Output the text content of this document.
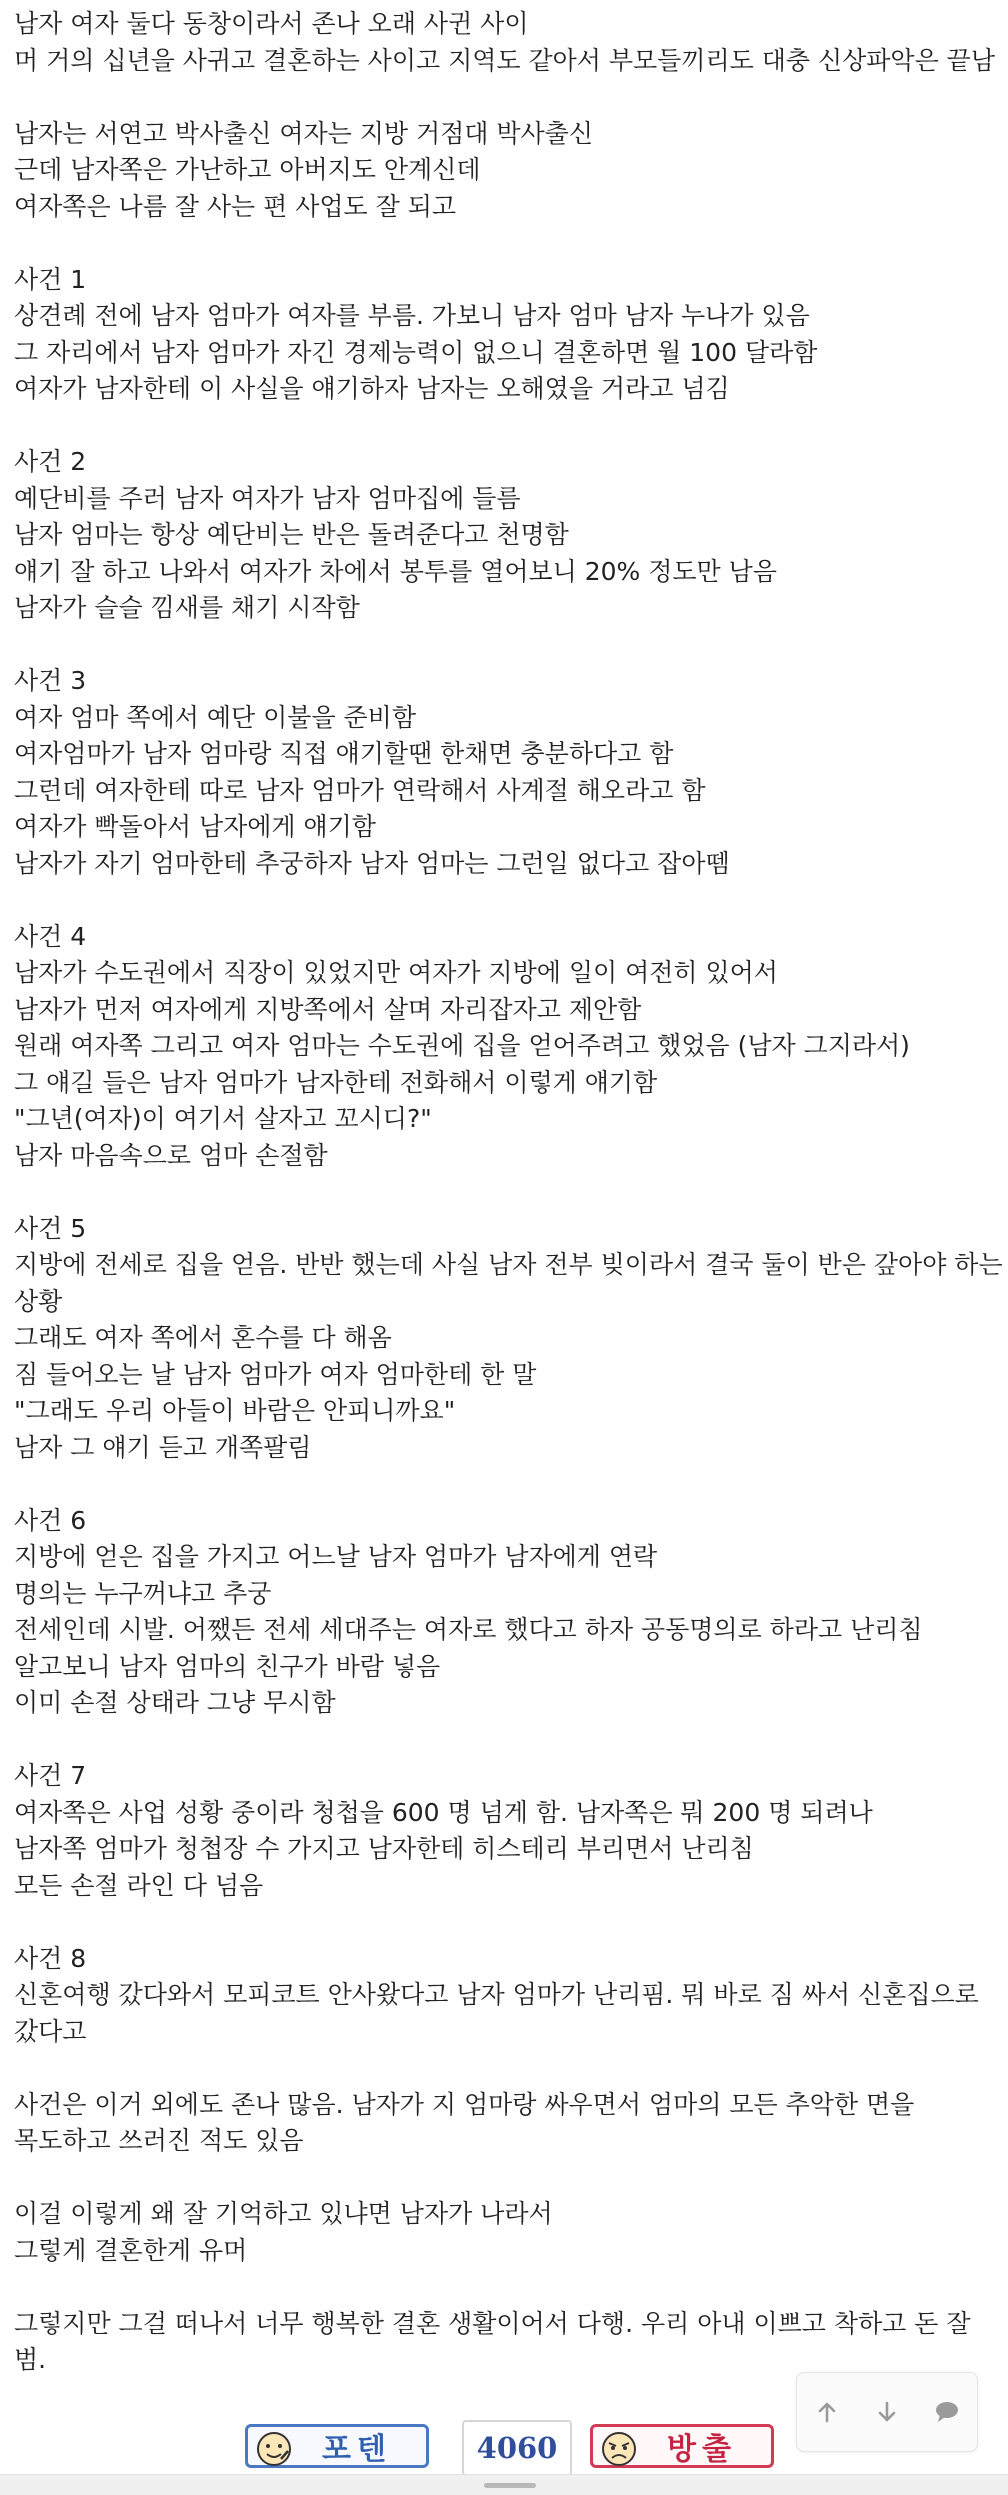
남자 여자 둘다 동창이라서 존나 오래 사귄 사이
머 거의 십년을 사귀고 결혼하는 사이고 지역도 같아서 부모들끼리도 대충 신상파악은 끝남
남자는 서연고 박사출신 여자는 지방 거점대 박사출신
근데 남자쪽은 가난하고 아버지도 안계신데
여자쪽은 나름 잘 사는 편 사업도 잘 되고
사건 1
상견례 전에 남자 엄마가 여자를 부름. 가보니 남자 엄마 남자 누나가 있음
그 자리에서 남자 엄마가 자긴 경제능력이 없으니 결혼하면 월 100 달라함
여자가 남자한테 이 사실을 얘기하자 남자는 오해였을 거라고 넘김
사건 2
예단비를 주러 남자 여자가 남자 엄마집에 들름
남자 엄마는 항상 예단비는 반은 돌려준다고 천명함
얘기 잘 하고 나와서 여자가 차에서 봉투를 열어보니 20% 정도만 남음
남자가 슬슬 낌새를 채기 시작함
사건 3
여자 엄마 쪽에서 예단 이불을 준비함
여자엄마가 남자 엄마랑 직접 얘기할땐 한채면 충분하다고 함
그런데 여자한테 따로 남자 엄마가 연락해서 사계절 해오라고 함
여자가 빡돌아서 남자에게 얘기함
남자가 자기 엄마한테 추궁하자 남자 엄마는 그런일 없다고 잡아뗌
사건 4
남자가 수도권에서 직장이 있었지만 여자가 지방에 일이 여전히 있어서
남자가 먼저 여자에게 지방쪽에서 살며 자리잡자고 제안함
원래 여자쪽 그리고 여자 엄마는 수도권에 집을 얻어주려고 했었음 (남자 그지라서)
그 얘길 들은 남자 엄마가 남자한테 전화해서 이렇게 얘기함
"그년(여자)이 여기서 살자고 꼬시디?"
남자 마음속으로 엄마 손절함
사건 5
지방에 전세로 집을 얻음. 반반 했는데 사실 남자 전부 빚이라서 결국 둘이 반은 갚아야 하는 상황
그래도 여자 쪽에서 혼수를 다 해옴
짐 들어오는 날 남자 엄마가 여자 엄마한테 한 말
"그래도 우리 아들이 바람은 안피니까요"
남자 그 얘기 듣고 개쪽팔림
사건 6
지방에 얻은 집을 가지고 어느날 남자 엄마가 남자에게 연락
명의는 누구꺼냐고 추궁
전세인데 시발. 어쨌든 전세 세대주는 여자로 했다고 하자 공동명의로 하라고 난리침
알고보니 남자 엄마의 친구가 바람 넣음
이미 손절 상태라 그냥 무시함
사건 7
여자쪽은 사업 성황 중이라 청첩을 600 명 넘게 함. 남자쪽은 뭐 200 명 되려나
남자쪽 엄마가 청첩장 수 가지고 남자한테 히스테리 부리면서 난리침
모든 손절 라인 다 넘음
사건 8
신혼여행 갔다와서 모피코트 안사왔다고 남자 엄마가 난리핌. 뭐 바로 짐 싸서 신혼집으로 갔다고
사건은 이거 외에도 존나 많음. 남자가 지 엄마랑 싸우면서 엄마의 모든 추악한 면을 목도하고 쓰러진 적도 있음
이걸 이렇게 왜 잘 기억하고 있냐면 남자가 나라서
그렇게 결혼한게 유머
그렇지만 그걸 떠나서 너무 행복한 결혼 생활이어서 다행. 우리 아내 이쁘고 착하고 돈 잘 범.
포텐	4060	방출
